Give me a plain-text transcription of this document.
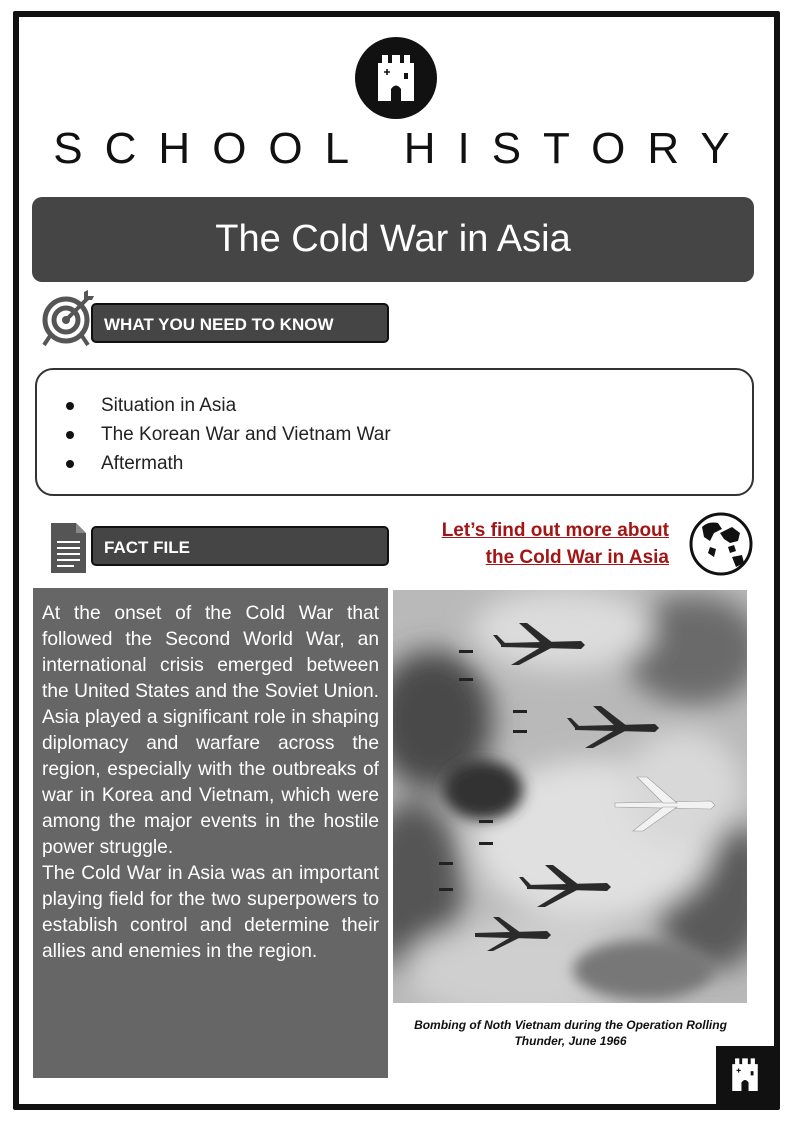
SCHOOL HISTORY
The Cold War in Asia
WHAT YOU NEED TO KNOW
Situation in Asia
The Korean War and Vietnam War
Aftermath
FACT FILE
Let’s find out more about
the Cold War in Asia

At the onset of the Cold War that followed the Second World War, an international crisis emerged between the United States and the Soviet Union. Asia played a significant role in shaping diplomacy and warfare across the region, especially with the outbreaks of war in Korea and Vietnam, which were among the major events in the hostile power struggle.

The Cold War in Asia was an important playing field for the two superpowers to establish control and determine their allies and enemies in the region.

Bombing of Noth Vietnam during the Operation Rolling Thunder, June 1966
